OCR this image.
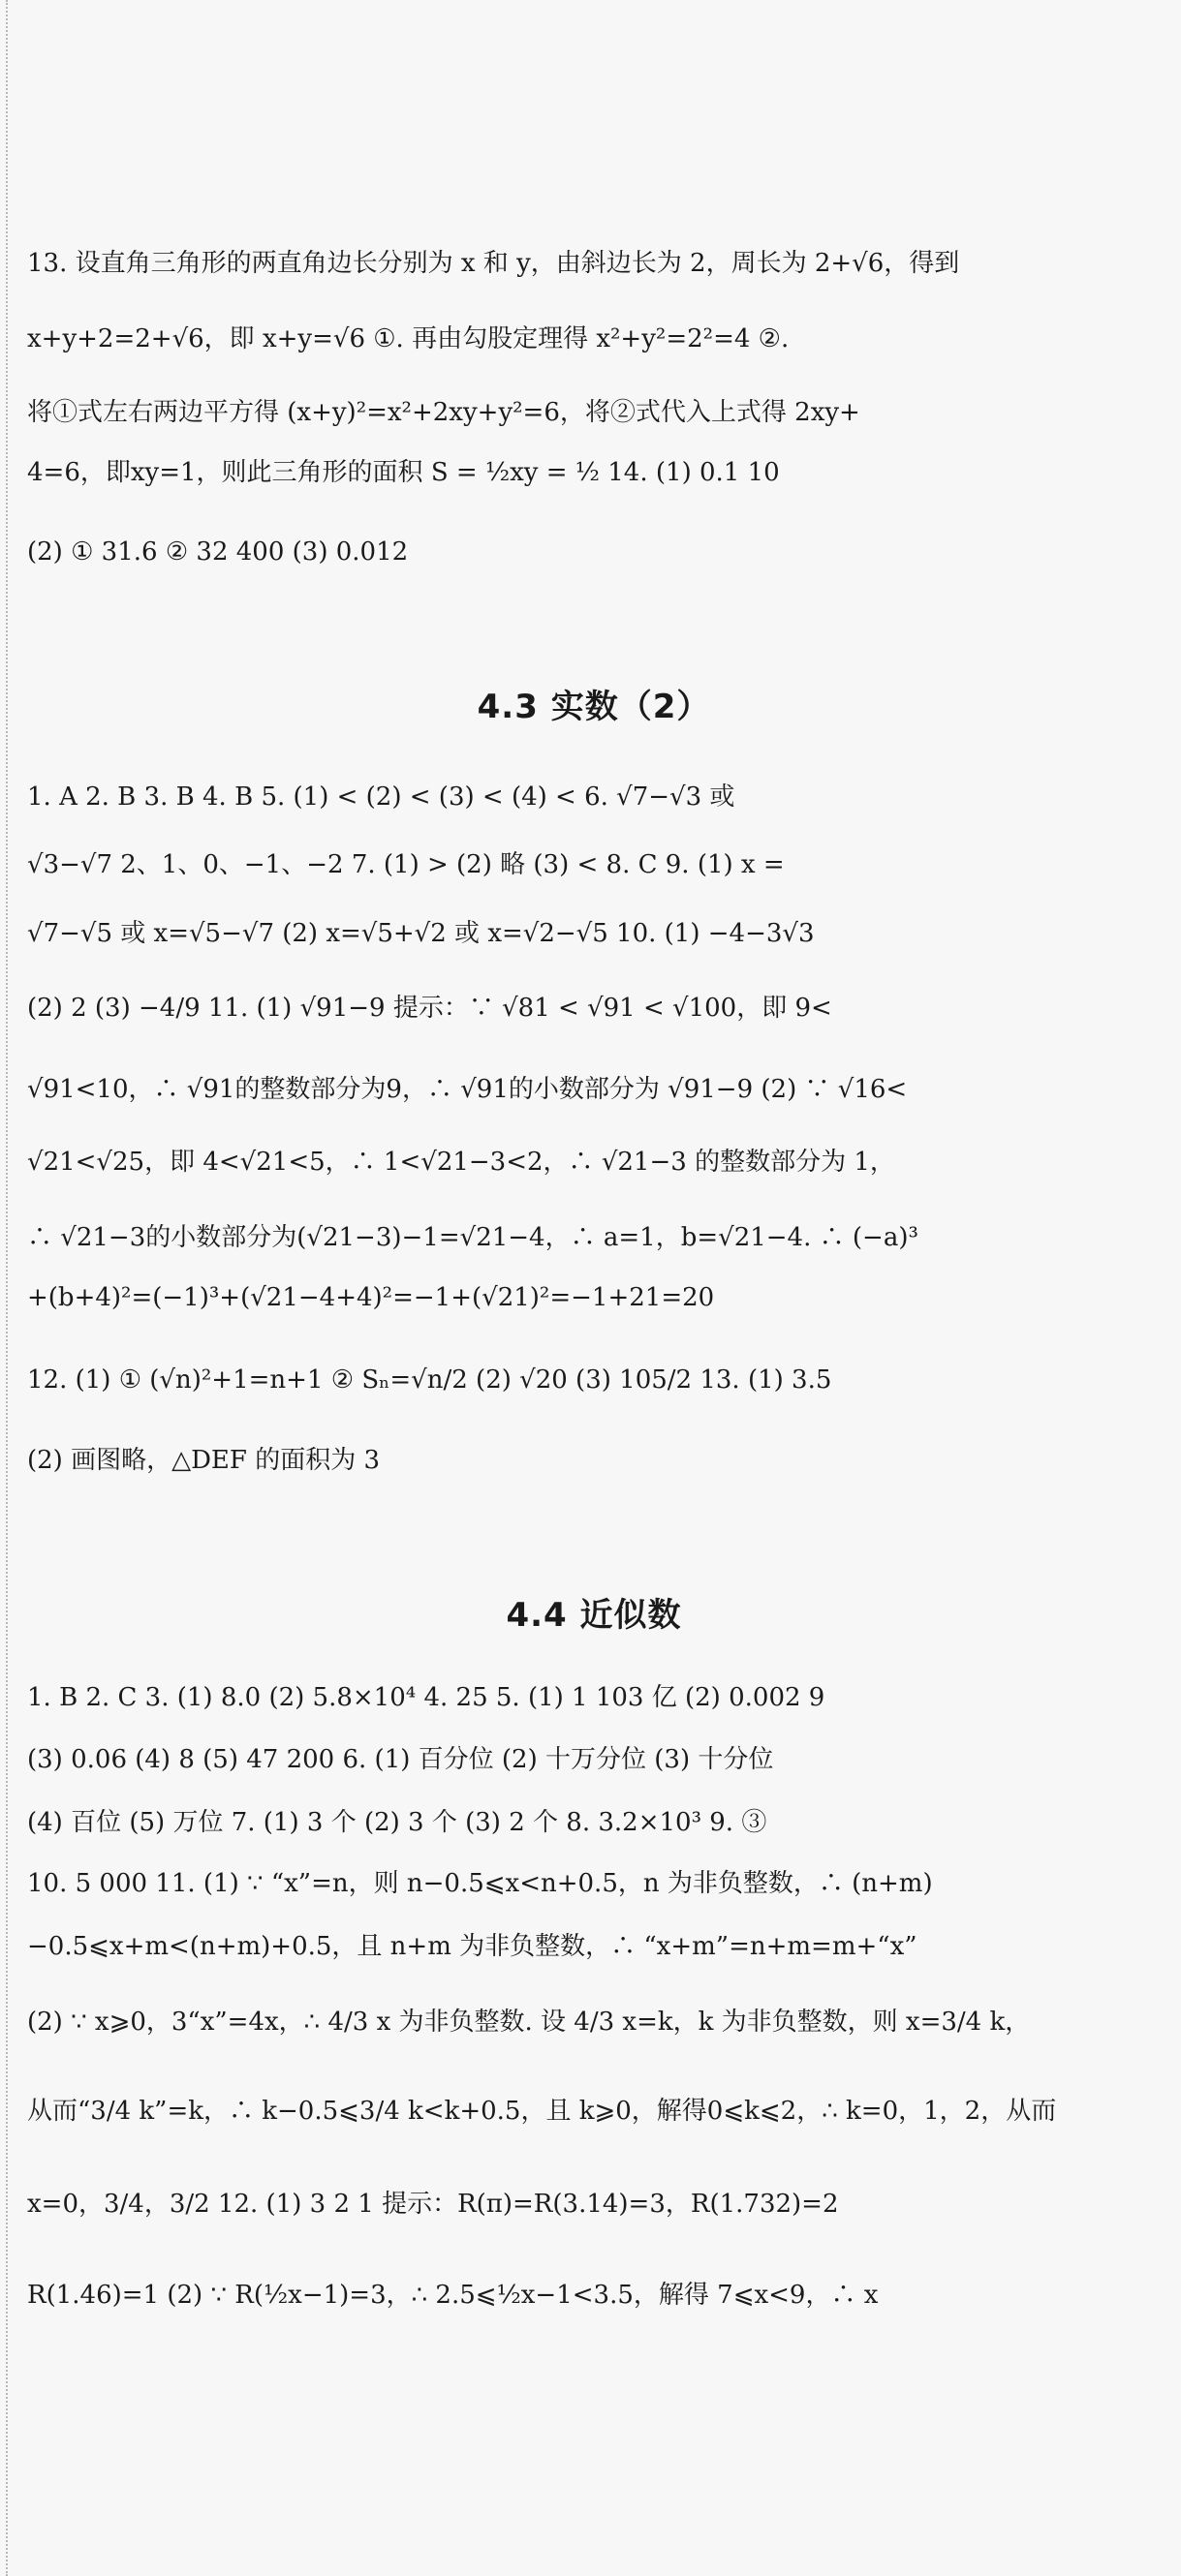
13. 设直角三角形的两直角边长分别为 x 和 y，由斜边长为 2，周长为 2+√6，得到
x+y+2=2+√6，即 x+y=√6 ①. 再由勾股定理得 x²+y²=2²=4 ②.
将①式左右两边平方得 (x+y)²=x²+2xy+y²=6，将②式代入上式得 2xy+
4=6，即xy=1，则此三角形的面积 S = ½xy = ½ 14. (1) 0.1 10
(2) ① 31.6 ② 32 400 (3) 0.012
4.3 实数（2）
1. A 2. B 3. B 4. B 5. (1) < (2) < (3) < (4) < 6. √7−√3 或
√3−√7 2、1、0、−1、−2 7. (1) > (2) 略 (3) < 8. C 9. (1) x =
√7−√5 或 x=√5−√7 (2) x=√5+√2 或 x=√2−√5 10. (1) −4−3√3
(2) 2 (3) −4/9 11. (1) √91−9 提示：∵ √81 < √91 < √100，即 9<
√91<10，∴ √91的整数部分为9，∴ √91的小数部分为 √91−9 (2) ∵ √16<
√21<√25，即 4<√21<5，∴ 1<√21−3<2，∴ √21−3 的整数部分为 1，
∴ √21−3的小数部分为(√21−3)−1=√21−4，∴ a=1，b=√21−4. ∴ (−a)³
+(b+4)²=(−1)³+(√21−4+4)²=−1+(√21)²=−1+21=20
12. (1) ① (√n)²+1=n+1 ② Sₙ=√n/2 (2) √20 (3) 105/2 13. (1) 3.5
(2) 画图略，△DEF 的面积为 3
4.4 近似数
1. B 2. C 3. (1) 8.0 (2) 5.8×10⁴ 4. 25 5. (1) 1 103 亿 (2) 0.002 9
(3) 0.06 (4) 8 (5) 47 200 6. (1) 百分位 (2) 十万分位 (3) 十分位
(4) 百位 (5) 万位 7. (1) 3 个 (2) 3 个 (3) 2 个 8. 3.2×10³ 9. ③
10. 5 000 11. (1) ∵ “x”=n，则 n−0.5⩽x<n+0.5，n 为非负整数，∴ (n+m)
−0.5⩽x+m<(n+m)+0.5，且 n+m 为非负整数，∴ “x+m”=n+m=m+“x”
(2) ∵ x⩾0，3“x”=4x，∴ 4/3 x 为非负整数. 设 4/3 x=k，k 为非负整数，则 x=3/4 k，
从而“3/4 k”=k，∴ k−0.5⩽3/4 k<k+0.5，且 k⩾0，解得0⩽k⩽2，∴ k=0，1，2，从而
x=0，3/4，3/2 12. (1) 3 2 1 提示：R(π)=R(3.14)=3，R(1.732)=2
R(1.46)=1 (2) ∵ R(½x−1)=3，∴ 2.5⩽½x−1<3.5，解得 7⩽x<9，∴ x
